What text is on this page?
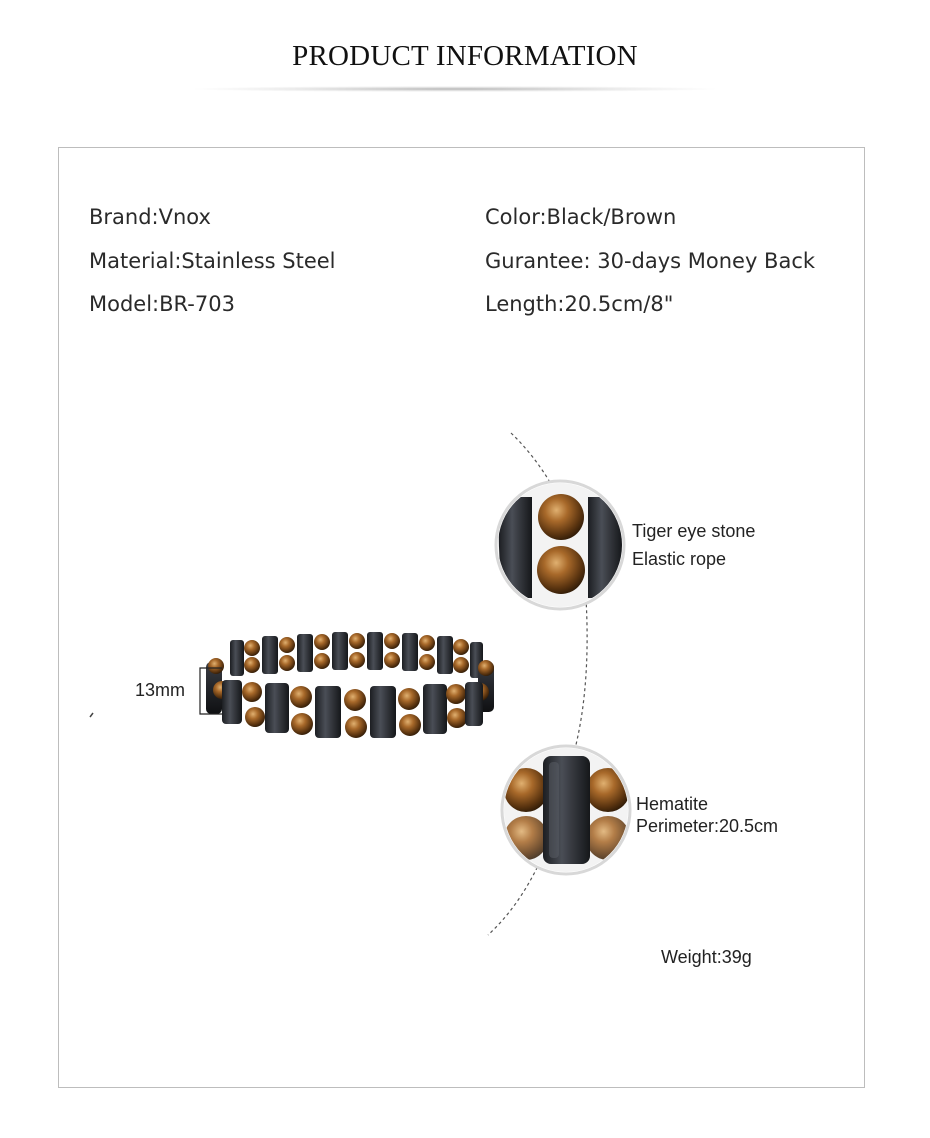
PRODUCT INFORMATION
Brand:Vnox
Material:Stainless Steel
Model:BR-703
Color:Black/Brown
Gurantee: 30-days Money Back
Length:20.5cm/8"
13mm
Tiger eye stone
Elastic rope
Hematite
Perimeter:20.5cm
Weight:39g
